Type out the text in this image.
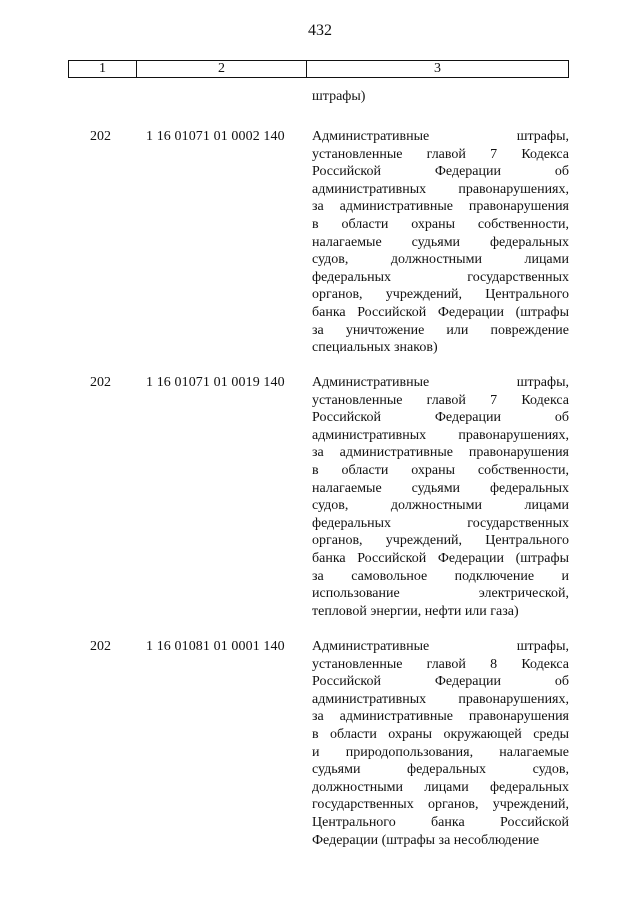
432
1	2	3
штрафы)
202	1 16 01071 01 0002 140 Административные штрафы,
установленные главой 7 Кодекса
Российской Федерации об
административных правонарушениях,
за административные правонарушения
в области охраны собственности,
налагаемые судьями федеральных
судов, должностными лицами
федеральных государственных
органов, учреждений, Центрального
банка Российской Федерации (штрафы
за уничтожение или повреждение
специальных знаков)
202	1 16 01071 01 0019 140 Административные штрафы,
установленные главой 7 Кодекса
Российской Федерации об
административных правонарушениях,
за административные правонарушения
в области охраны собственности,
налагаемые судьями федеральных
судов, должностными лицами
федеральных государственных
органов, учреждений, Центрального
банка Российской Федерации (штрафы
за самовольное подключение и
использование электрической,
тепловой энергии, нефти или газа)
202	1 16 01081 01 0001 140 Административные штрафы,
установленные главой 8 Кодекса
Российской Федерации об
административных правонарушениях,
за административные правонарушения
в области охраны окружающей среды
и природопользования, налагаемые
судьями федеральных судов,
должностными лицами федеральных
государственных органов, учреждений,
Центрального банка Российской
Федерации (штрафы за несоблюдение
